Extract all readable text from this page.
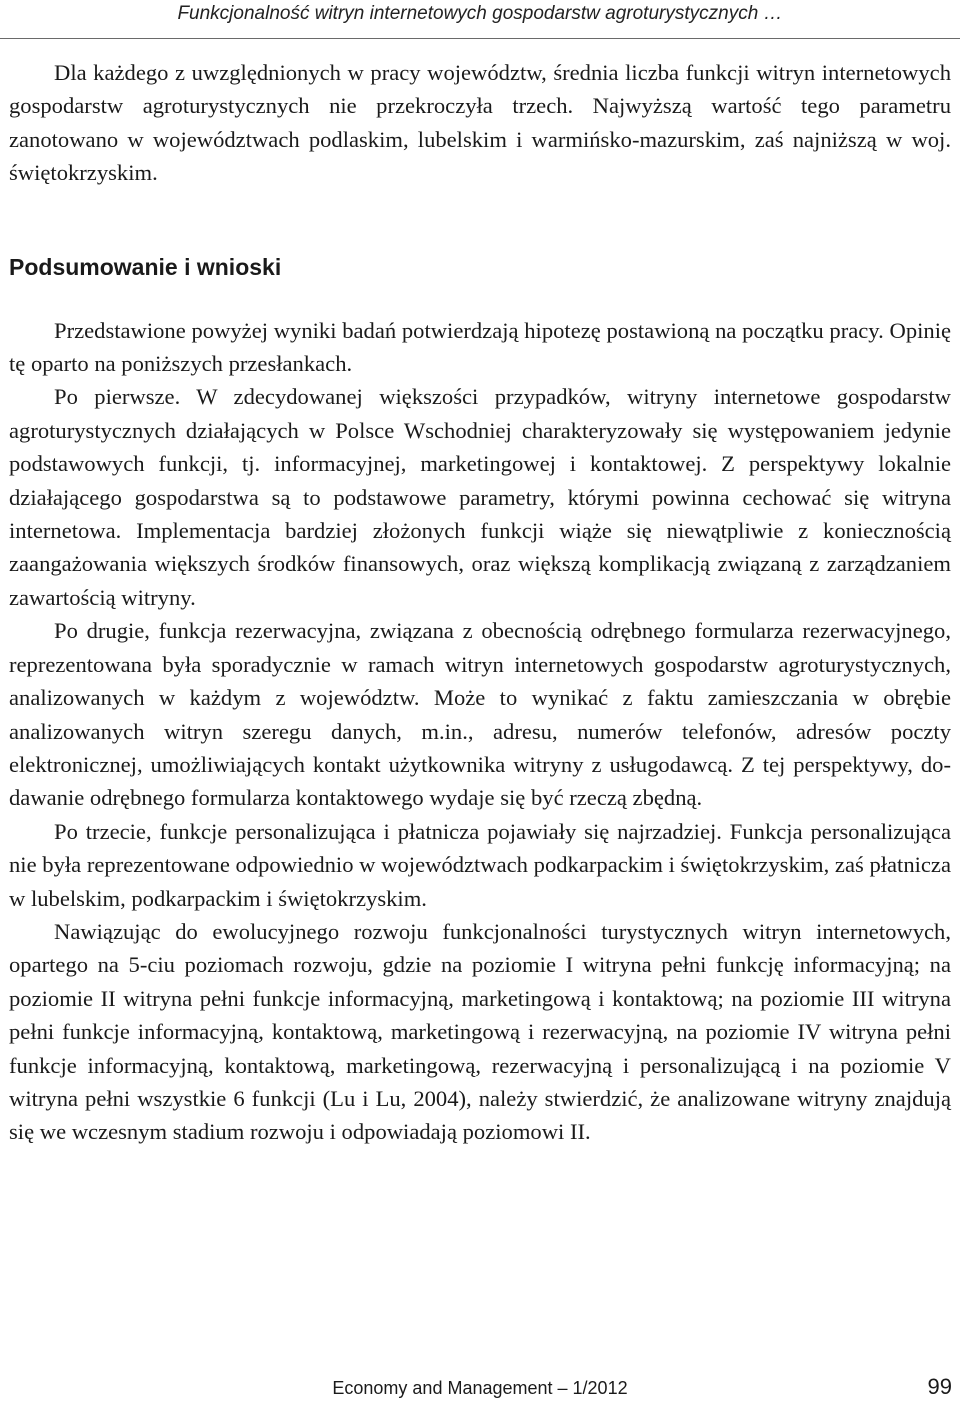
Funkcjonalność witryn internetowych gospodarstw agroturystycznych …

Dla każdego z uwzględnionych w pracy województw, średnia liczba funkcji witryn internetowych gospodarstw agroturystycznych nie przekroczyła trzech. Najwyższą wartość tego parametru zanotowano w województwach podlaskim, lubelskim i warmińsko-mazurskim, zaś najniższą w woj. świętokrzyskim.

Podsumowanie i wnioski

Przedstawione powyżej wyniki badań potwierdzają hipotezę postawioną na początku pracy. Opinię tę oparto na poniższych przesłankach.

Po pierwsze. W zdecydowanej większości przypadków, witryny internetowe gospodarstw agroturystycznych działających w Polsce Wschodniej charakteryzowały się występowaniem jedynie podstawowych funkcji, tj. informacyjnej, marketingowej i kontaktowej. Z perspektywy lokalnie działającego gospodarstwa są to podstawowe parametry, którymi powinna cechować się witryna internetowa. Implementacja bardziej złożonych funkcji wiąże się niewątpliwie z koniecznością zaangażowania większych środków finansowych, oraz większą komplikacją związaną z zarządzaniem zawartością witryny.

Po drugie, funkcja rezerwacyjna, związana z obecnością odrębnego formularza rezerwacyjnego, reprezentowana była sporadycznie w ramach witryn internetowych gospodarstw agroturystycznych, analizowanych w każdym z województw. Może to wynikać z faktu zamieszczania w obrębie analizowanych witryn szeregu danych, m.in., adresu, numerów telefonów, adresów poczty elektronicznej, umożliwiających kontakt użytkownika witryny z usługodawcą. Z tej perspektywy, dodawanie odrębnego formularza kontaktowego wydaje się być rzeczą zbędną.

Po trzecie, funkcje personalizująca i płatnicza pojawiały się najrzadziej. Funkcja personalizująca nie była reprezentowane odpowiednio w województwach podkarpackim i świętokrzyskim, zaś płatnicza w lubelskim, podkarpackim i świętokrzyskim.

Nawiązując do ewolucyjnego rozwoju funkcjonalności turystycznych witryn internetowych, opartego na 5-ciu poziomach rozwoju, gdzie na poziomie I witryna pełni funkcję informacyjną; na poziomie II witryna pełni funkcje informacyjną, marketingową i kontaktową; na poziomie III witryna pełni funkcje informacyjną, kontaktową, marketingową i rezerwacyjną, na poziomie IV witryna pełni funkcje informacyjną, kontaktową, marketingową, rezerwacyjną i personalizującą i na poziomie V witryna pełni wszystkie 6 funkcji (Lu i Lu, 2004), należy stwierdzić, że analizowane witryny znajdują się we wczesnym stadium rozwoju i odpowiadają poziomowi II.

Economy and Management – 1/2012	99
